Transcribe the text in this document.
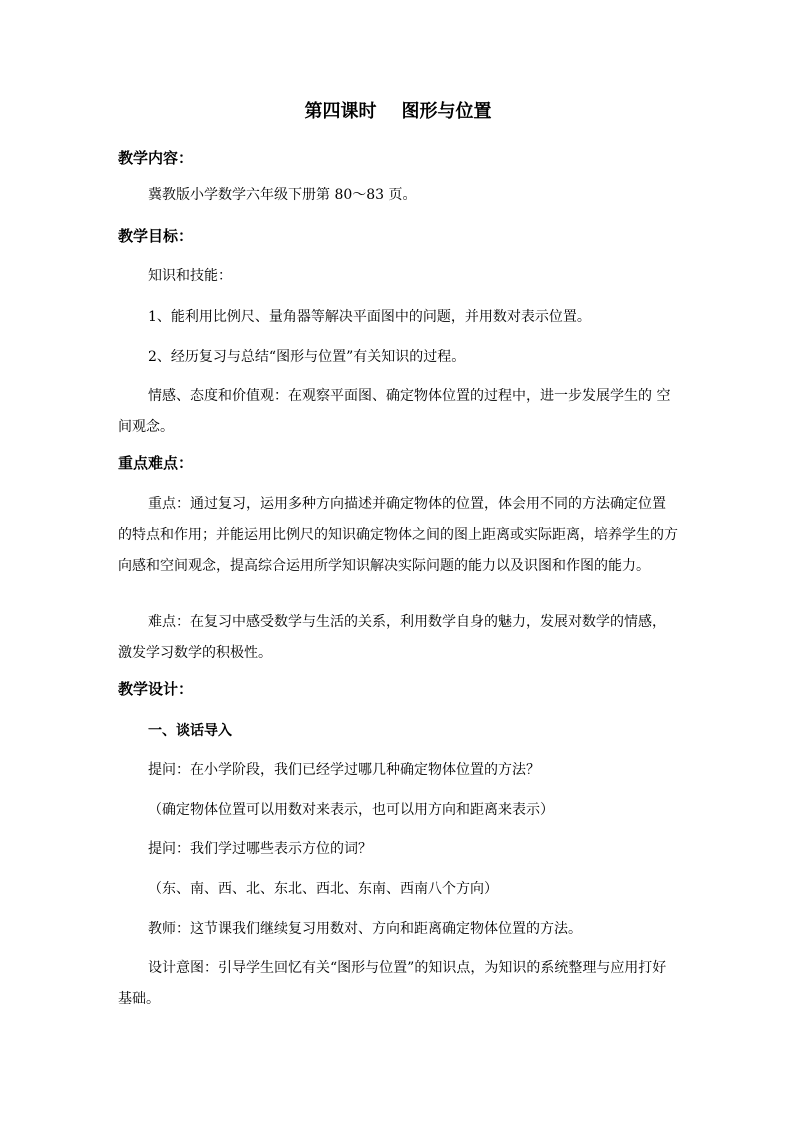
第四课时    图形与位置
教学内容：
冀教版小学数学六年级下册第 80～83 页。
教学目标：
知识和技能：
1、能利用比例尺、量角器等解决平面图中的问题，并用数对表示位置。
2、经历复习与总结“图形与位置”有关知识的过程。
情感、态度和价值观：在观察平面图、确定物体位置的过程中，进一步发展学生的 空间观念。
重点难点：
重点：通过复习，运用多种方向描述并确定物体的位置，体会用不同的方法确定位置的特点和作用；并能运用比例尺的知识确定物体之间的图上距离或实际距离，培养学生的方向感和空间观念，提高综合运用所学知识解决实际问题的能力以及识图和作图的能力。
难点：在复习中感受数学与生活的关系，利用数学自身的魅力，发展对数学的情感，激发学习数学的积极性。
教学设计：
一、谈话导入
提问：在小学阶段，我们已经学过哪几种确定物体位置的方法？
（确定物体位置可以用数对来表示，也可以用方向和距离来表示）
提问：我们学过哪些表示方位的词？
（东、南、西、北、东北、西北、东南、西南八个方向）
教师：这节课我们继续复习用数对、方向和距离确定物体位置的方法。
设计意图：引导学生回忆有关“图形与位置”的知识点，为知识的系统整理与应用打好基础。
